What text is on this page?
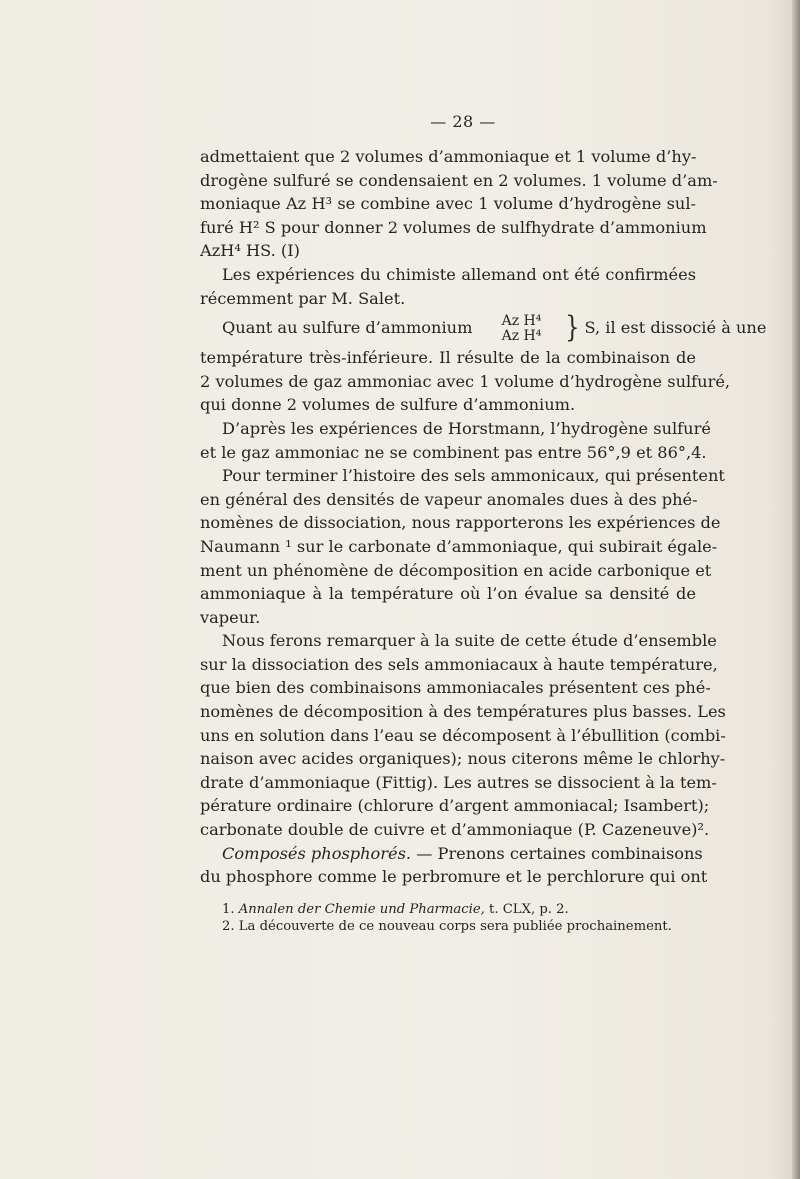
— 28 —
admettaient que 2 volumes d’ammoniaque et 1 volume d’hy-
drogène sulfuré se condensaient en 2 volumes. 1 volume d’am-
moniaque Az H³ se combine avec 1 volume d’hydrogène sul-
furé H² S pour donner 2 volumes de sulfhydrate d’ammonium
AzH⁴ HS. (I)
Les expériences du chimiste allemand ont été confirmées
récemment par M. Salet.
Quant au sulfure d’ammonium	Az H⁴
Az H⁴ } S, il est dissocié à une
température très-inférieure. Il résulte de la combinaison de
2 volumes de gaz ammoniac avec 1 volume d’hydrogène sulfuré,
qui donne 2 volumes de sulfure d’ammonium.
D’après les expériences de Horstmann, l’hydrogène sulfuré
et le gaz ammoniac ne se combinent pas entre 56°,9 et 86°,4.
Pour terminer l’histoire des sels ammonicaux, qui présentent
en général des densités de vapeur anomales dues à des phé-
nomènes de dissociation, nous rapporterons les expériences de
Naumann ¹ sur le carbonate d’ammoniaque, qui subirait égale-
ment un phénomène de décomposition en acide carbonique et
ammoniaque à la température où l’on évalue sa densité de
vapeur.
Nous ferons remarquer à la suite de cette étude d’ensemble
sur la dissociation des sels ammoniacaux à haute température,
que bien des combinaisons ammoniacales présentent ces phé-
nomènes de décomposition à des températures plus basses. Les
uns en solution dans l’eau se décomposent à l’ébullition (combi-
naison avec acides organiques); nous citerons même le chlorhy-
drate d’ammoniaque (Fittig). Les autres se dissocient à la tem-
pérature ordinaire (chlorure d’argent ammoniacal; Isambert);
carbonate double de cuivre et d’ammoniaque (P. Cazeneuve)².
Composés phosphorés. — Prenons certaines combinaisons
du phosphore comme le perbromure et le perchlorure qui ont
1. Annalen der Chemie und Pharmacie, t. CLX, p. 2.
2. La découverte de ce nouveau corps sera publiée prochainement.
